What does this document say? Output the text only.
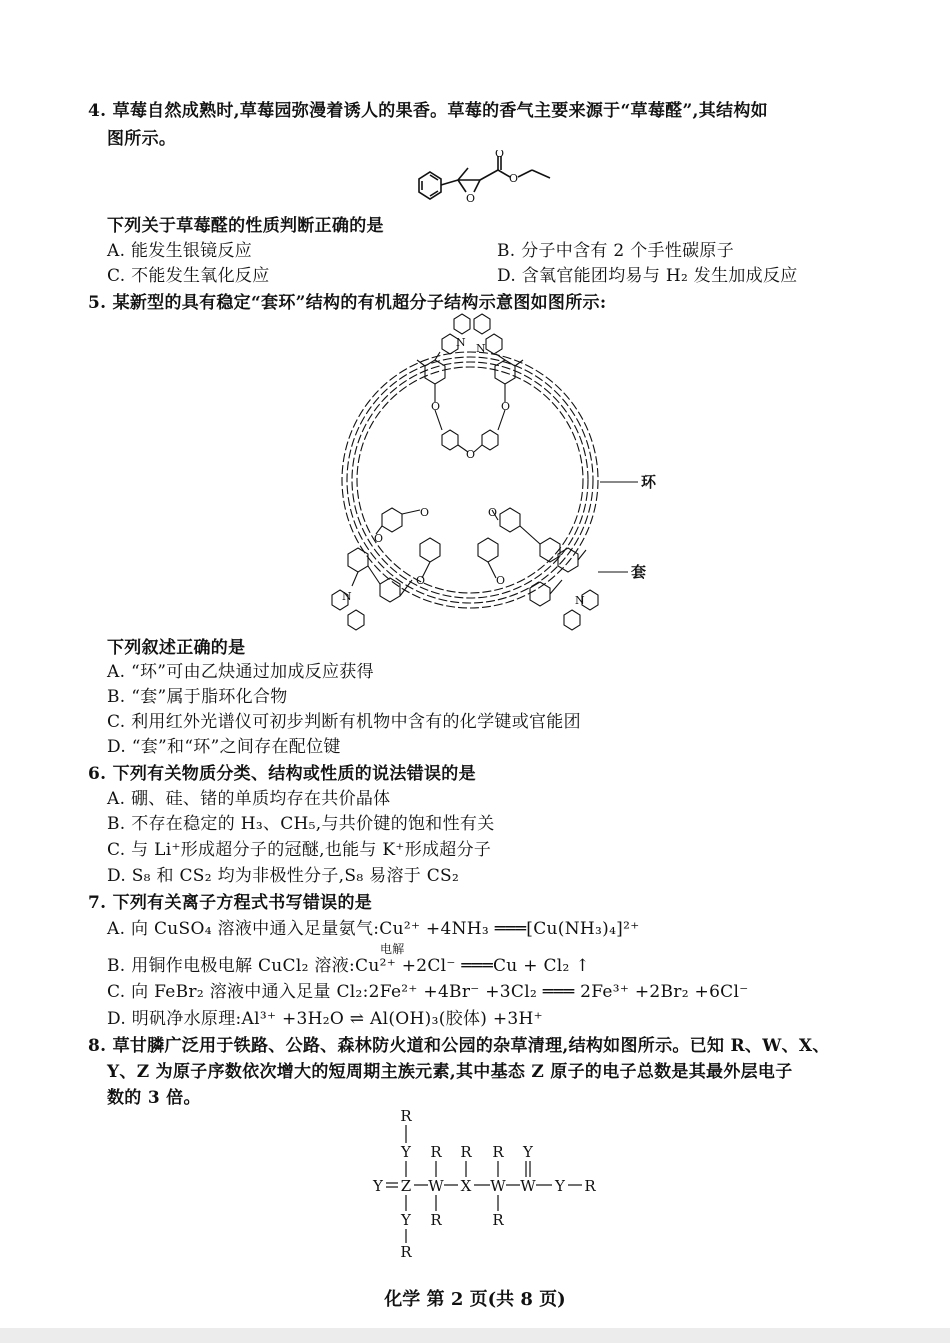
4. 草莓自然成熟时,草莓园弥漫着诱人的果香。草莓的香气主要来源于“草莓醛”,其结构如
图所示。
O
O
O
下列关于草莓醛的性质判断正确的是
A. 能发生银镜反应	B. 分子中含有 2 个手性碳原子
C. 不能发生氧化反应	D. 含氧官能团均易与 H₂ 发生加成反应
5. 某新型的具有稳定“套环”结构的有机超分子结构示意图如图所示:
N N
O	O
O
O
O
O
O
O
N	N
环
套
下列叙述正确的是
A. “环”可由乙炔通过加成反应获得
B. “套”属于脂环化合物
C. 利用红外光谱仪可初步判断有机物中含有的化学键或官能团
D. “套”和“环”之间存在配位键
6. 下列有关物质分类、结构或性质的说法错误的是
A. 硼、硅、锗的单质均存在共价晶体
B. 不存在稳定的 H₃、CH₅,与共价键的饱和性有关
C. 与 Li⁺形成超分子的冠醚,也能与 K⁺形成超分子
D. S₈ 和 CS₂ 均为非极性分子,S₈ 易溶于 CS₂
7. 下列有关离子方程式书写错误的是
A. 向 CuSO₄ 溶液中通入足量氨气:Cu²⁺ +4NH₃ ═══[Cu(NH₃)₄]²⁺
电解
B. 用铜作电极电解 CuCl₂ 溶液:Cu²⁺ +2Cl⁻ ═══Cu + Cl₂ ↑
C. 向 FeBr₂ 溶液中通入足量 Cl₂:2Fe²⁺ +4Br⁻ +3Cl₂ ═══ 2Fe³⁺ +2Br₂ +6Cl⁻
D. 明矾净水原理:Al³⁺ +3H₂O ⇌ Al(OH)₃(胶体) +3H⁺
8. 草甘膦广泛用于铁路、公路、森林防火道和公园的杂草清理,结构如图所示。已知 R、W、X、
Y、Z 为原子序数依次增大的短周期主族元素,其中基态 Z 原子的电子总数是其最外层电子
数的 3 倍。
R
Y
Y Z
Y
R
R
W
R
R
X
R
W
R
Y
W Y R
化学 第 2 页(共 8 页)
